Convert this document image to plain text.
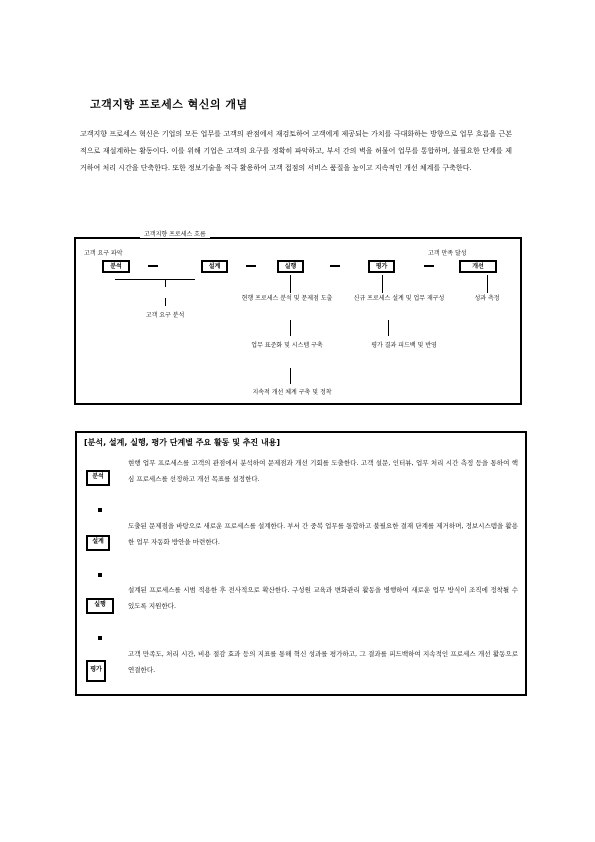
고객지향 프로세스 혁신의 개념
고객지향 프로세스 혁신은 기업의 모든 업무를 고객의 관점에서 재검토하여 고객에게 제공되는 가치를 극대화하는 방향으로 업무 흐름을 근본적으로 재설계하는 활동이다. 이를 위해 기업은 고객의 요구를 정확히 파악하고, 부서 간의 벽을 허물어 업무를 통합하며, 불필요한 단계를 제거하여 처리 시간을 단축한다. 또한 정보기술을 적극 활용하여 고객 접점의 서비스 품질을 높이고 지속적인 개선 체계를 구축한다.
고객지향 프로세스 흐름
고객 요구 파악	고객 만족 달성
분석	설계	실행	평가	개선
고객 요구 분석
현행 프로세스 분석 및 문제점 도출	신규 프로세스 설계 및 업무 재구성	성과 측정
업무 표준화 및 시스템 구축	평가 결과 피드백 및 반영
지속적 개선 체계 구축 및 정착
[분석, 설계, 실행, 평가 단계별 주요 활동 및 추진 내용]
분석
현행 업무 프로세스를 고객의 관점에서 분석하여 문제점과 개선 기회를 도출한다. 고객 설문, 인터뷰, 업무 처리 시간 측정 등을 통하여 핵심 프로세스를 선정하고 개선 목표를 설정한다.
설계
도출된 문제점을 바탕으로 새로운 프로세스를 설계한다. 부서 간 중복 업무를 통합하고 불필요한 결재 단계를 제거하며, 정보시스템을 활용한 업무 자동화 방안을 마련한다.
실행
설계된 프로세스를 시범 적용한 후 전사적으로 확산한다. 구성원 교육과 변화관리 활동을 병행하여 새로운 업무 방식이 조직에 정착될 수 있도록 지원한다.
평가
고객 만족도, 처리 시간, 비용 절감 효과 등의 지표를 통해 혁신 성과를 평가하고, 그 결과를 피드백하여 지속적인 프로세스 개선 활동으로 연결한다.
